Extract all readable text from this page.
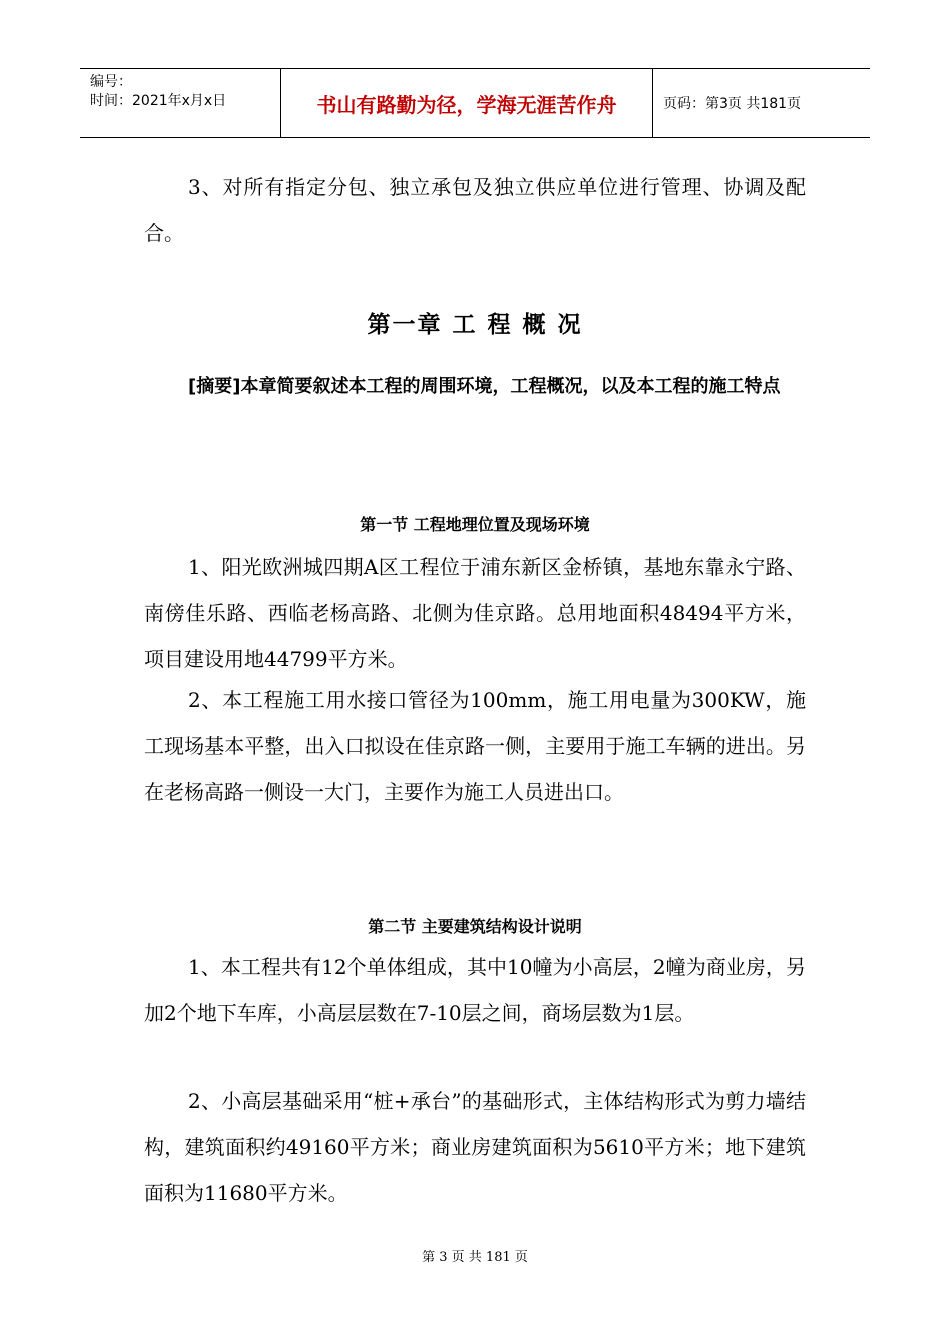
编号：
时间：2021年x月x日	书山有路勤为径，学海无涯苦作舟	页码：第3页 共181页

3、对所有指定分包、独立承包及独立供应单位进行管理、协调及配合。

第一章 工 程 概 况

[摘要]本章简要叙述本工程的周围环境，工程概况，以及本工程的施工特点

第一节 工程地理位置及现场环境

1、阳光欧洲城四期A区工程位于浦东新区金桥镇，基地东靠永宁路、南傍佳乐路、西临老杨高路、北侧为佳京路。总用地面积48494平方米，项目建设用地44799平方米。

2、本工程施工用水接口管径为100mm，施工用电量为300KW，施工现场基本平整，出入口拟设在佳京路一侧，主要用于施工车辆的进出。另在老杨高路一侧设一大门，主要作为施工人员进出口。

第二节 主要建筑结构设计说明

1、本工程共有12个单体组成，其中10幢为小高层，2幢为商业房，另加2个地下车库，小高层层数在7-10层之间，商场层数为1层。

2、小高层基础采用“桩+承台”的基础形式，主体结构形式为剪力墙结构，建筑面积约49160平方米；商业房建筑面积为5610平方米；地下建筑面积为11680平方米。

第 3 页 共 181 页
